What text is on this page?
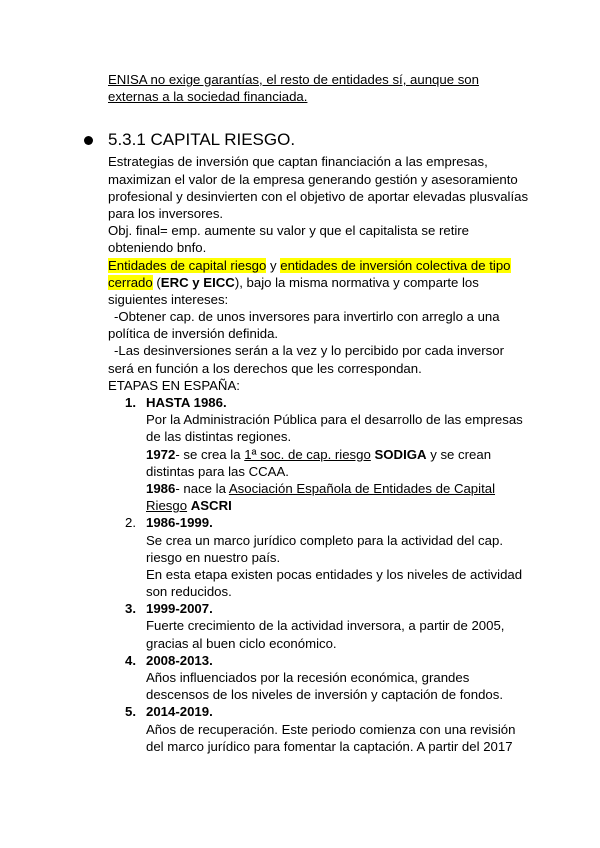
ENISA no exige garantías, el resto de entidades sí, aunque son
externas a la sociedad financiada.
5.3.1 CAPITAL RIESGO.
Estrategias de inversión que captan financiación a las empresas,
maximizan el valor de la empresa generando gestión y asesoramiento
profesional y desinvierten con el objetivo de aportar elevadas plusvalías
para los inversores.
Obj. final= emp. aumente su valor y que el capitalista se retire
obteniendo bnfo.
Entidades de capital riesgo y entidades de inversión colectiva de tipo
cerrado (ERC y EICC), bajo la misma normativa y comparte los
siguientes intereses:
-Obtener cap. de unos inversores para invertirlo con arreglo a una
política de inversión definida.
-Las desinversiones serán a la vez y lo percibido por cada inversor
será en función a los derechos que les correspondan.
ETAPAS EN ESPAÑA:
1. HASTA 1986.
Por la Administración Pública para el desarrollo de las empresas
de las distintas regiones.
1972- se crea la 1ª soc. de cap. riesgo SODIGA y se crean
distintas para las CCAA.
1986- nace la Asociación Española de Entidades de Capital
Riesgo ASCRI
2. 1986-1999.
Se crea un marco jurídico completo para la actividad del cap.
riesgo en nuestro país.
En esta etapa existen pocas entidades y los niveles de actividad
son reducidos.
3. 1999-2007.
Fuerte crecimiento de la actividad inversora, a partir de 2005,
gracias al buen ciclo económico.
4. 2008-2013.
Años influenciados por la recesión económica, grandes
descensos de los niveles de inversión y captación de fondos.
5. 2014-2019.
Años de recuperación. Este periodo comienza con una revisión
del marco jurídico para fomentar la captación. A partir del 2017
